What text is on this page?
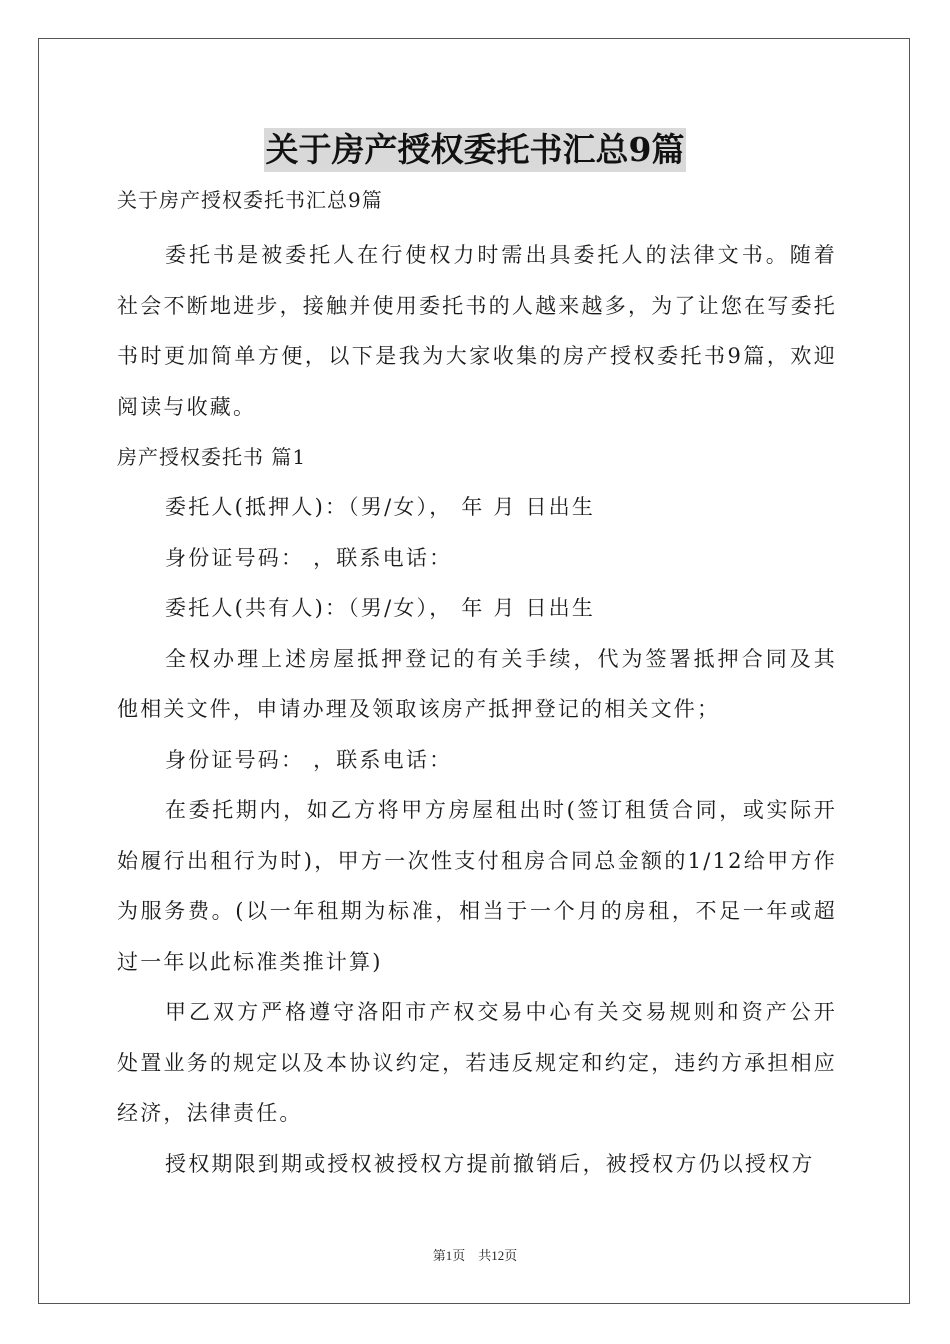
关于房产授权委托书汇总9篇

关于房产授权委托书汇总9篇

委托书是被委托人在行使权力时需出具委托人的法律文书。随着社会不断地进步，接触并使用委托书的人越来越多，为了让您在写委托书时更加简单方便，以下是我为大家收集的房产授权委托书9篇，欢迎阅读与收藏。

房产授权委托书 篇1

委托人(抵押人)：（男/女）， 年 月 日出生

身份证号码： ，联系电话：

委托人(共有人)：（男/女）， 年 月 日出生

全权办理上述房屋抵押登记的有关手续，代为签署抵押合同及其他相关文件，申请办理及领取该房产抵押登记的相关文件；

身份证号码： ，联系电话：

在委托期内，如乙方将甲方房屋租出时(签订租赁合同，或实际开始履行出租行为时)，甲方一次性支付租房合同总金额的1/12给甲方作为服务费。(以一年租期为标准，相当于一个月的房租，不足一年或超过一年以此标准类推计算)

甲乙双方严格遵守洛阳市产权交易中心有关交易规则和资产公开处置业务的规定以及本协议约定，若违反规定和约定，违约方承担相应经济，法律责任。

授权期限到期或授权被授权方提前撤销后，被授权方仍以授权方

第1页　共12页
